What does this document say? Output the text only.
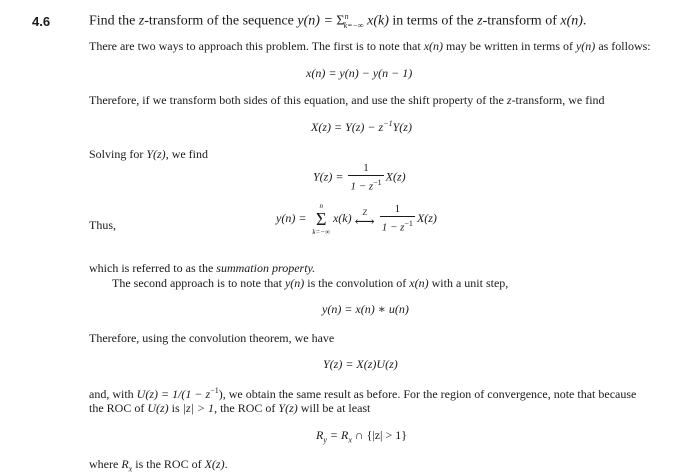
4.6	Find the z-transform of the sequence $y(n) = \Sigma^n_{k=-\infty}$ x(k) in terms of the z-transform of x(n).
There are two ways to approach this problem. The first is to note that x(n) may be written in terms of y(n) as follows:
x(n) = y(n) − y(n − 1)
Therefore, if we transform both sides of this equation, and use the shift property of the z-transform, we find
$X(z) = Y(z) - z^{-1}Y(z)$
Solving for Y(z), we find
$Y(z) = \frac{1}{1 - z^{-1}} X(z)$
Thus,
y(n) =
n
Σ
k=−∞
x(k)	Z
⟷ $\frac{1}{1 - z^{-1}} X(z)$
which is referred to as the summation property.
The second approach is to note that y(n) is the convolution of x(n) with a unit step,
y(n) = x(n) ∗ u(n)
Therefore, using the convolution theorem, we have
Y(z) = X(z)U(z)
and, with $U(z) = 1/(1 - z^{-1})$, we obtain the same result as before. For the region of convergence, note that because
the ROC of U(z) is |z| > 1, the ROC of Y(z) will be at least
$R_y = R_x$ ∩ {|z| > 1}
where $R_x$ is the ROC of X(z).
